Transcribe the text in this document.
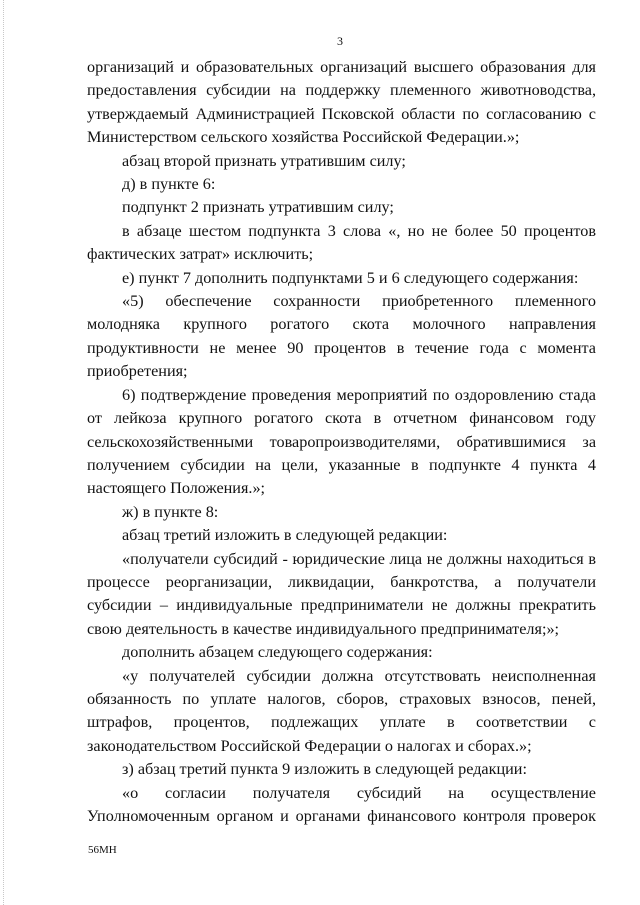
3

организаций и образовательных организаций высшего образования для предоставления субсидии на поддержку племенного животноводства, утверждаемый Администрацией Псковской области по согласованию с Министерством сельского хозяйства Российской Федерации.»;

абзац второй признать утратившим силу;

д) в пункте 6:

подпункт 2 признать утратившим силу;

в абзаце шестом подпункта 3 слова «, но не более 50 процентов фактических затрат» исключить;

е) пункт 7 дополнить подпунктами 5 и 6 следующего содержания:

«5) обеспечение сохранности приобретенного племенного молодняка крупного рогатого скота молочного направления продуктивности не менее 90 процентов в течение года с момента приобретения;

6) подтверждение проведения мероприятий по оздоровлению стада от лейкоза крупного рогатого скота в отчетном финансовом году сельскохозяйственными товаропроизводителями, обратившимися за получением субсидии на цели, указанные в подпункте 4 пункта 4 настоящего Положения.»;

ж) в пункте 8:

абзац третий изложить в следующей редакции:

«получатели субсидий - юридические лица не должны находиться в процессе реорганизации, ликвидации, банкротства, а получатели субсидии – индивидуальные предприниматели не должны прекратить свою деятельность в качестве индивидуального предпринимателя;»;

дополнить абзацем следующего содержания:

«у получателей субсидии должна отсутствовать неисполненная обязанность по уплате налогов, сборов, страховых взносов, пеней, штрафов, процентов, подлежащих уплате в соответствии с законодательством Российской Федерации о налогах и сборах.»;

з) абзац третий пункта 9 изложить в следующей редакции:

«о согласии получателя субсидий на осуществление Уполномоченным органом и органами финансового контроля проверок

56МН
